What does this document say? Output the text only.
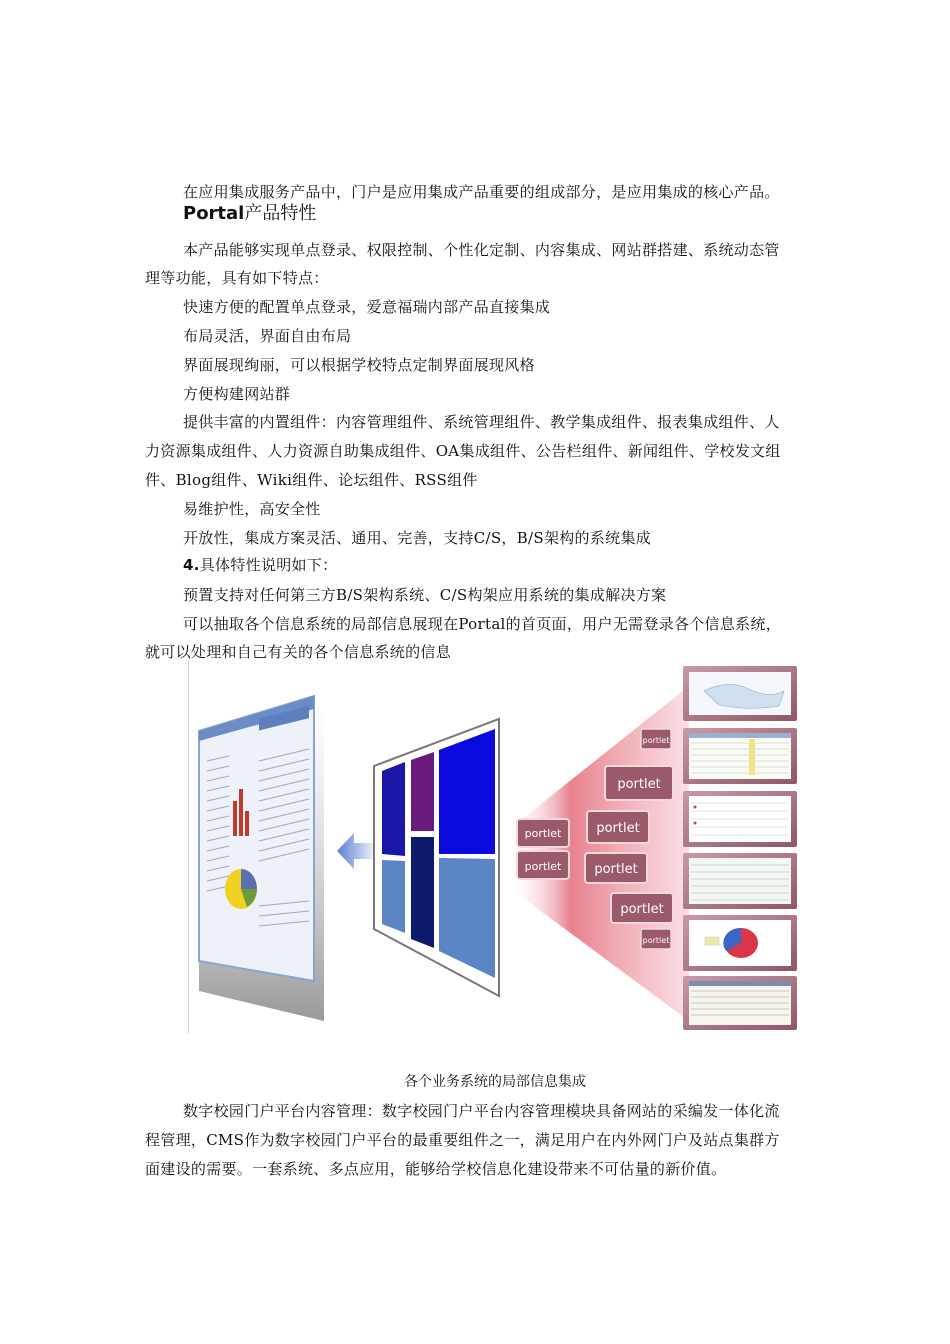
在应用集成服务产品中，门户是应用集成产品重要的组成部分，是应用集成的核心产品。
Portal产品特性
本产品能够实现单点登录、权限控制、个性化定制、内容集成、网站群搭建、系统动态管
理等功能，具有如下特点：
快速方便的配置单点登录，爱意福瑞内部产品直接集成
布局灵活，界面自由布局
界面展现绚丽，可以根据学校特点定制界面展现风格
方便构建网站群
提供丰富的内置组件：内容管理组件、系统管理组件、教学集成组件、报表集成组件、人
力资源集成组件、人力资源自助集成组件、OA集成组件、公告栏组件、新闻组件、学校发文组
件、Blog组件、Wiki组件、论坛组件、RSS组件
易维护性，高安全性
开放性，集成方案灵活、通用、完善，支持C/S，B/S架构的系统集成
4.具体特性说明如下：
预置支持对任何第三方B/S架构系统、C/S构架应用系统的集成解决方案
可以抽取各个信息系统的局部信息展现在Portal的首页面，用户无需登录各个信息系统，
就可以处理和自己有关的各个信息系统的信息
portlet
portlet
portlet
portlet	portlet
portlet
portlet
portlet
各个业务系统的局部信息集成
数字校园门户平台内容管理：数字校园门户平台内容管理模块具备网站的采编发一体化流
程管理，CMS作为数字校园门户平台的最重要组件之一，满足用户在内外网门户及站点集群方
面建设的需要。一套系统、多点应用，能够给学校信息化建设带来不可估量的新价值。
